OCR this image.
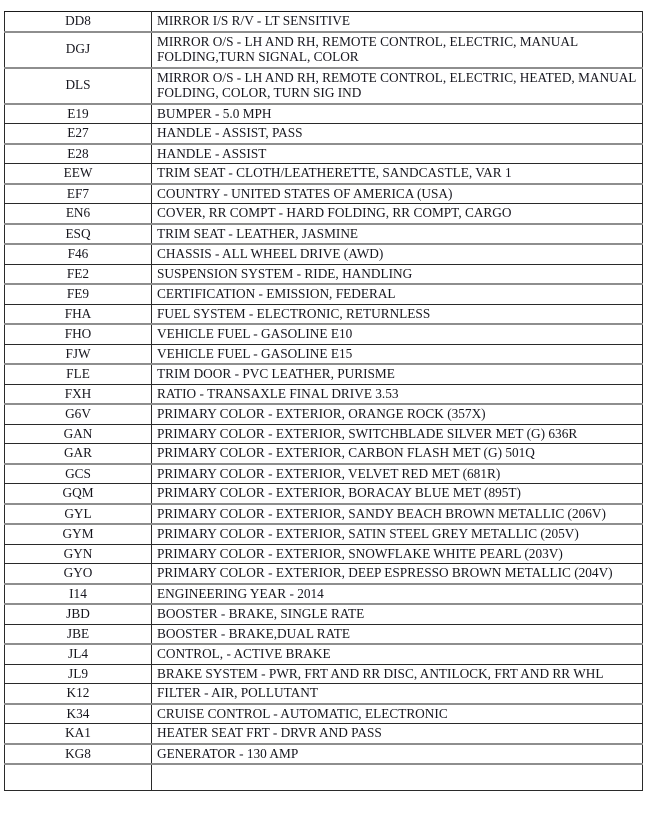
DD8	MIRROR I/S R/V - LT SENSITIVE
DGJ	MIRROR O/S - LH AND RH, REMOTE CONTROL, ELECTRIC, MANUAL FOLDING,TURN SIGNAL, COLOR
DLS	MIRROR O/S - LH AND RH, REMOTE CONTROL, ELECTRIC, HEATED, MANUAL FOLDING, COLOR, TURN SIG IND
E19	BUMPER - 5.0 MPH
E27	HANDLE - ASSIST, PASS
E28	HANDLE - ASSIST
EEW	TRIM SEAT - CLOTH/LEATHERETTE, SANDCASTLE, VAR 1
EF7	COUNTRY - UNITED STATES OF AMERICA (USA)
EN6	COVER, RR COMPT - HARD FOLDING, RR COMPT, CARGO
ESQ	TRIM SEAT - LEATHER, JASMINE
F46	CHASSIS - ALL WHEEL DRIVE (AWD)
FE2	SUSPENSION SYSTEM - RIDE, HANDLING
FE9	CERTIFICATION - EMISSION, FEDERAL
FHA	FUEL SYSTEM - ELECTRONIC, RETURNLESS
FHO	VEHICLE FUEL - GASOLINE E10
FJW	VEHICLE FUEL - GASOLINE E15
FLE	TRIM DOOR - PVC LEATHER, PURISME
FXH	RATIO - TRANSAXLE FINAL DRIVE 3.53
G6V	PRIMARY COLOR - EXTERIOR, ORANGE ROCK (357X)
GAN	PRIMARY COLOR - EXTERIOR, SWITCHBLADE SILVER MET (G) 636R
GAR	PRIMARY COLOR - EXTERIOR, CARBON FLASH MET (G) 501Q
GCS	PRIMARY COLOR - EXTERIOR, VELVET RED MET (681R)
GQM	PRIMARY COLOR - EXTERIOR, BORACAY BLUE MET (895T)
GYL	PRIMARY COLOR - EXTERIOR, SANDY BEACH BROWN METALLIC (206V)
GYM	PRIMARY COLOR - EXTERIOR, SATIN STEEL GREY METALLIC (205V)
GYN	PRIMARY COLOR - EXTERIOR, SNOWFLAKE WHITE PEARL (203V)
GYO	PRIMARY COLOR - EXTERIOR, DEEP ESPRESSO BROWN METALLIC (204V)
I14	ENGINEERING YEAR - 2014
JBD	BOOSTER - BRAKE, SINGLE RATE
JBE	BOOSTER - BRAKE,DUAL RATE
JL4	CONTROL, - ACTIVE BRAKE
JL9	BRAKE SYSTEM - PWR, FRT AND RR DISC, ANTILOCK, FRT AND RR WHL
K12	FILTER - AIR, POLLUTANT
K34	CRUISE CONTROL - AUTOMATIC, ELECTRONIC
KA1	HEATER SEAT FRT - DRVR AND PASS
KG8	GENERATOR - 130 AMP
